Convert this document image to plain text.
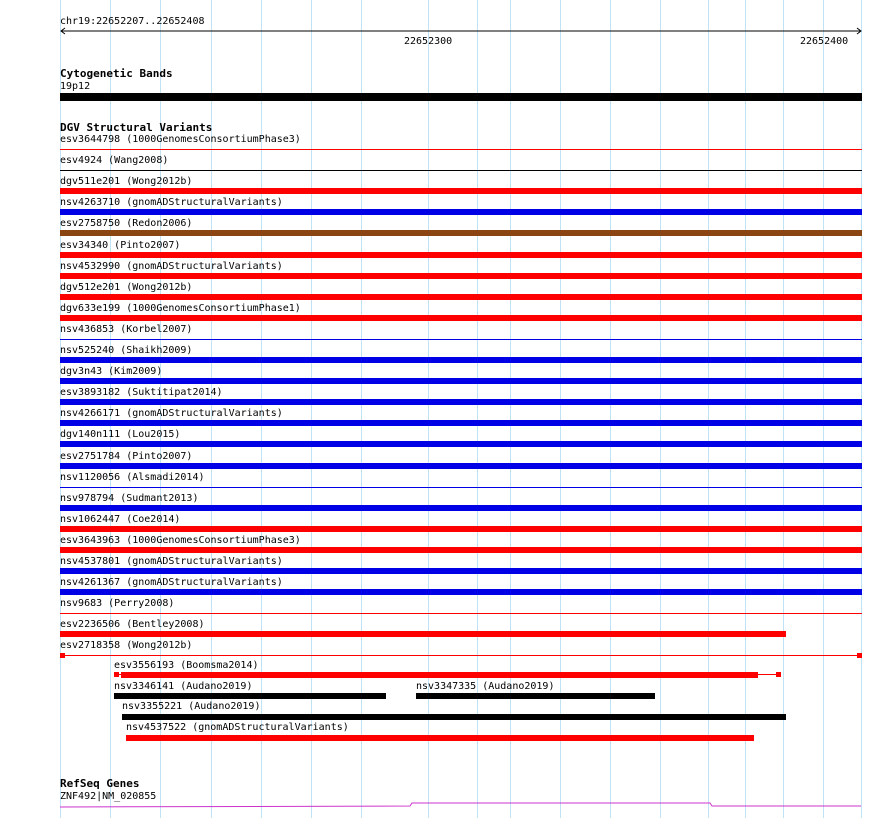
chr19:22652207..22652408
22652300	22652400
Cytogenetic Bands
19p12
DGV Structural Variants
esv3644798 (1000GenomesConsortiumPhase3)
esv4924 (Wang2008)
dgv511e201 (Wong2012b)
nsv4263710 (gnomADStructuralVariants)
esv2758750 (Redon2006)
esv34340 (Pinto2007)
nsv4532990 (gnomADStructuralVariants)
dgv512e201 (Wong2012b)
dgv633e199 (1000GenomesConsortiumPhase1)
nsv436853 (Korbel2007)
nsv525240 (Shaikh2009)
dgv3n43 (Kim2009)
esv3893182 (Suktitipat2014)
nsv4266171 (gnomADStructuralVariants)
dgv140n111 (Lou2015)
esv2751784 (Pinto2007)
nsv1120056 (Alsmadi2014)
nsv978794 (Sudmant2013)
nsv1062447 (Coe2014)
esv3643963 (1000GenomesConsortiumPhase3)
nsv4537801 (gnomADStructuralVariants)
nsv4261367 (gnomADStructuralVariants)
nsv9683 (Perry2008)
esv2236506 (Bentley2008)
esv2718358 (Wong2012b)
esv3556193 (Boomsma2014)
nsv3346141 (Audano2019)	nsv3347335 (Audano2019)
nsv3355221 (Audano2019)
nsv4537522 (gnomADStructuralVariants)
RefSeq Genes
ZNF492|NM_020855
